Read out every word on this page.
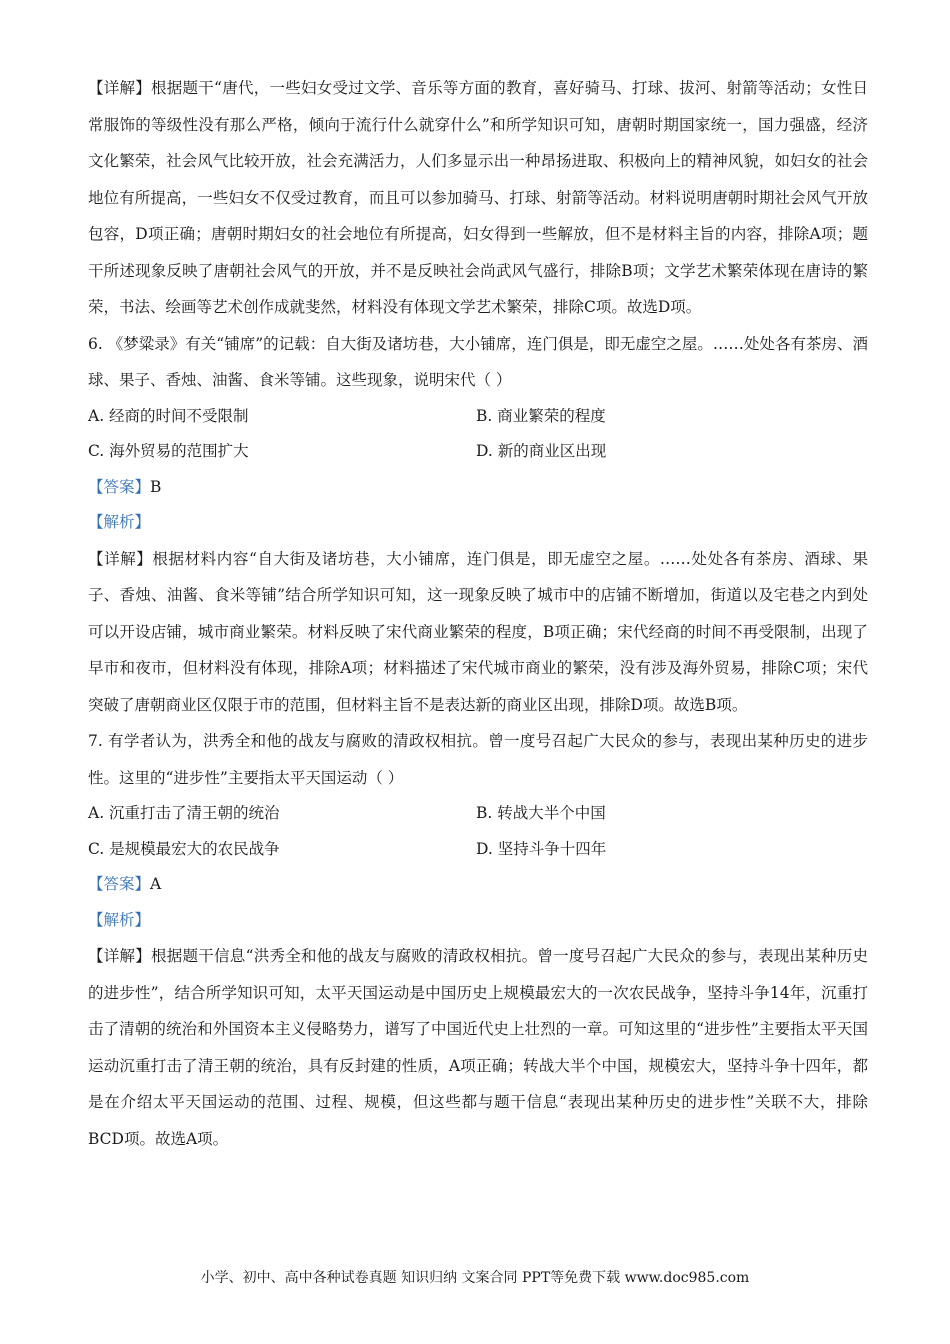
【详解】根据题干“唐代，一些妇女受过文学、音乐等方面的教育，喜好骑马、打球、拔河、射箭等活动；女性日常服饰的等级性没有那么严格，倾向于流行什么就穿什么”和所学知识可知，唐朝时期国家统一，国力强盛，经济文化繁荣，社会风气比较开放，社会充满活力，人们多显示出一种昂扬进取、积极向上的精神风貌，如妇女的社会地位有所提高，一些妇女不仅受过教育，而且可以参加骑马、打球、射箭等活动。材料说明唐朝时期社会风气开放包容，D项正确；唐朝时期妇女的社会地位有所提高，妇女得到一些解放，但不是材料主旨的内容，排除A项；题干所述现象反映了唐朝社会风气的开放，并不是反映社会尚武风气盛行，排除B项；文学艺术繁荣体现在唐诗的繁荣，书法、绘画等艺术创作成就斐然，材料没有体现文学艺术繁荣，排除C项。故选D项。

6. 《梦粱录》有关“铺席”的记载：自大街及诸坊巷，大小铺席，连门俱是，即无虚空之屋。……处处各有茶房、酒球、果子、香烛、油酱、食米等铺。这些现象，说明宋代（ ）

A. 经商的时间不受限制	B. 商业繁荣的程度
C. 海外贸易的范围扩大	D. 新的商业区出现

【答案】B

【解析】

【详解】根据材料内容“自大街及诸坊巷，大小铺席，连门俱是，即无虚空之屋。……处处各有茶房、酒球、果子、香烛、油酱、食米等铺”结合所学知识可知，这一现象反映了城市中的店铺不断增加，街道以及宅巷之内到处可以开设店铺，城市商业繁荣。材料反映了宋代商业繁荣的程度，B项正确；宋代经商的时间不再受限制，出现了早市和夜市，但材料没有体现，排除A项；材料描述了宋代城市商业的繁荣，没有涉及海外贸易，排除C项；宋代突破了唐朝商业区仅限于市的范围，但材料主旨不是表达新的商业区出现，排除D项。故选B项。

7. 有学者认为，洪秀全和他的战友与腐败的清政权相抗。曾一度号召起广大民众的参与，表现出某种历史的进步性。这里的“进步性”主要指太平天国运动（ ）

A. 沉重打击了清王朝的统治	B. 转战大半个中国
C. 是规模最宏大的农民战争	D. 坚持斗争十四年

【答案】A

【解析】

【详解】根据题干信息“洪秀全和他的战友与腐败的清政权相抗。曾一度号召起广大民众的参与，表现出某种历史的进步性”，结合所学知识可知，太平天国运动是中国历史上规模最宏大的一次农民战争，坚持斗争14年，沉重打击了清朝的统治和外国资本主义侵略势力，谱写了中国近代史上壮烈的一章。可知这里的“进步性”主要指太平天国运动沉重打击了清王朝的统治，具有反封建的性质，A项正确；转战大半个中国，规模宏大，坚持斗争十四年，都是在介绍太平天国运动的范围、过程、规模，但这些都与题干信息“表现出某种历史的进步性”关联不大，排除BCD项。故选A项。

小学、初中、高中各种试卷真题 知识归纳 文案合同 PPT等免费下载 www.doc985.com
